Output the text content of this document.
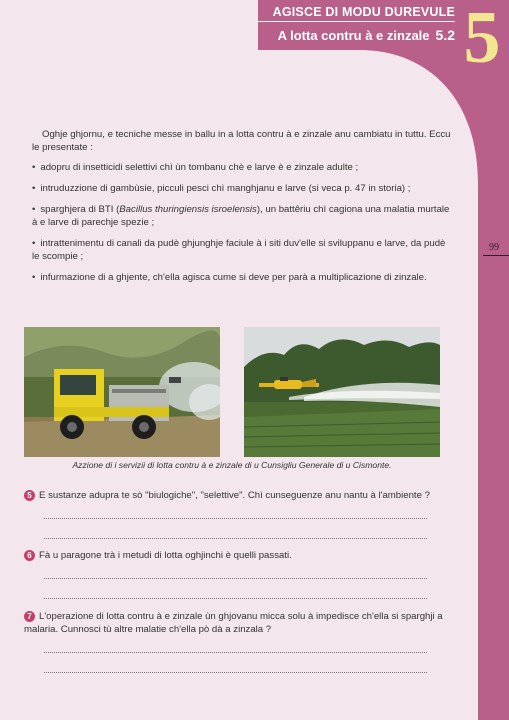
AGISCE DI MODU DUREVULE
A lotta contru à e zinzale 5.2 5
99
Oghje ghjornu, e tecniche messe in ballu in a lotta contru à e zinzale anu cambiatu in tuttu. Eccu le presentate :
• adopru di insetticidi selettivi chì ùn tombanu chè e larve è e zinzale adulte ;
• intruduzzione di gambùsie, picculi pesci chì manghjanu e larve (si veca p. 47 in storia) ;
• sparghjera di BTI (Bacillus thuringiensis isroelensis), un battêriu chì cagiona una malatia murtale à e larve di parechje spezie ;
• intrattenimentu di canali da pudè ghjunghje faciule à i siti duv'elle si sviluppanu e larve, da pudè le scompie ;
• infurmazione di a ghjente, ch'ella agisca cume si deve per parà a multiplicazione di zinzale.
Azzione di i servizii di lotta contru à e zinzale di u Cunsigliu Generale di u Cismonte.
5 E sustanze adupra te sò "biulogiche", "selettive". Chì cunseguenze anu nantu à l'ambiente ?
6 Fà u paragone trà i metudi di lotta oghjinchi è quelli passati.
7 L'operazione di lotta contru à e zinzale ùn ghjovanu micca solu à impedisce ch'ella si sparghji a malaria. Cunnosci tù altre malatie ch'ella pò dà a zinzala ?
